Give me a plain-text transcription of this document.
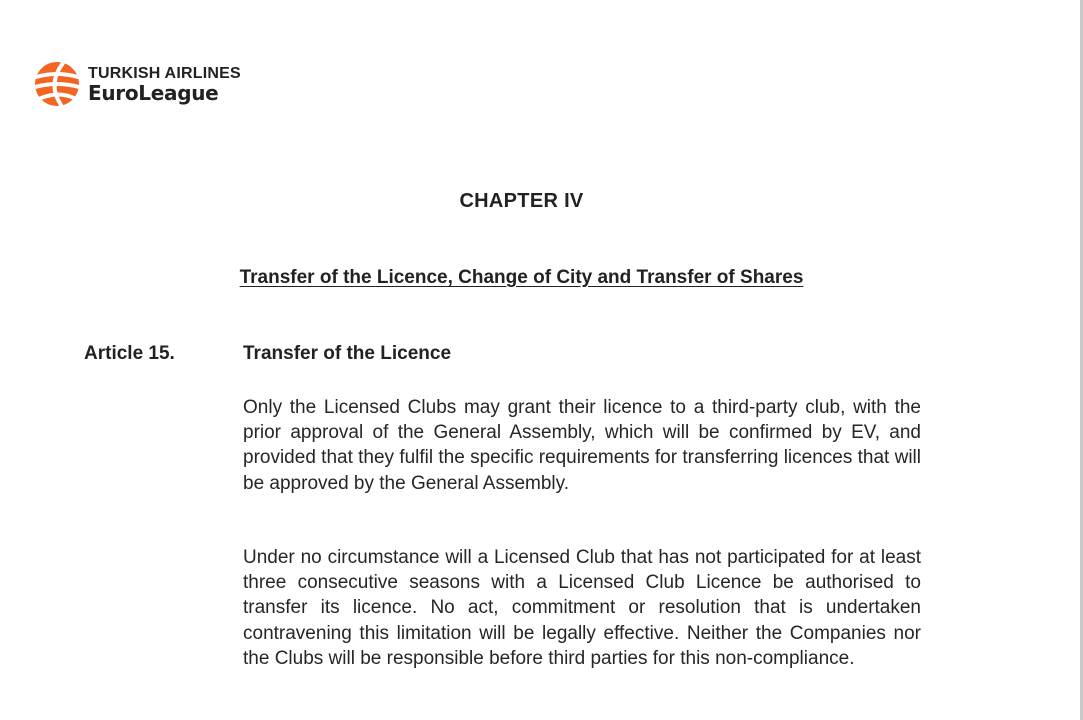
TURKISH AIRLINES
EuroLeague
CHAPTER IV
Transfer of the Licence, Change of City and Transfer of Shares
Article 15.	Transfer of the Licence

Only the Licensed Clubs may grant their licence to a third-party club, with the prior approval of the General Assembly, which will be confirmed by EV, and provided that they fulfil the specific requirements for transferring licences that will be approved by the General Assembly.

Under no circumstance will a Licensed Club that has not participated for at least three consecutive seasons with a Licensed Club Licence be authorised to transfer its licence. No act, commitment or resolution that is undertaken contravening this limitation will be legally effective. Neither the Companies nor the Clubs will be responsible before third parties for this non-compliance.
